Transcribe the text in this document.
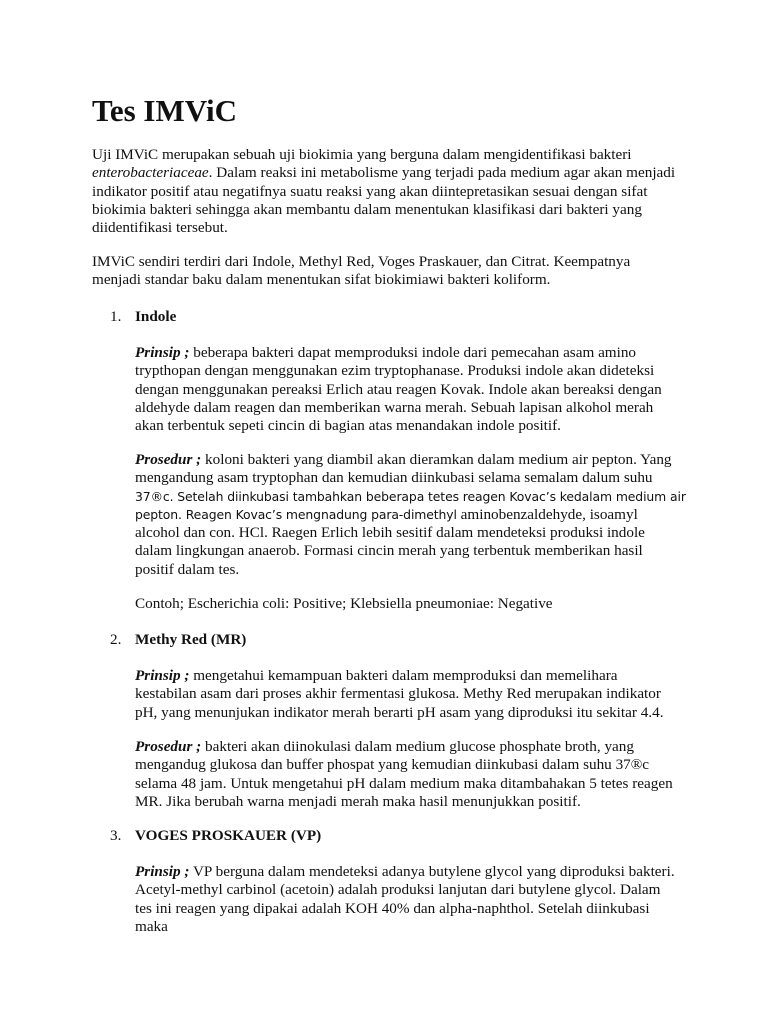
Tes IMViC

Uji IMViC merupakan sebuah uji biokimia yang berguna dalam mengidentifikasi bakteri enterobacteriaceae. Dalam reaksi ini metabolisme yang terjadi pada medium agar akan menjadi indikator positif atau negatifnya suatu reaksi yang akan diintepretasikan sesuai dengan sifat biokimia bakteri sehingga akan membantu dalam menentukan klasifikasi dari bakteri yang diidentifikasi tersebut.

IMViC sendiri terdiri dari Indole, Methyl Red, Voges Praskauer, dan Citrat. Keempatnya menjadi standar baku dalam menentukan sifat biokimiawi bakteri koliform.

1. Indole

Prinsip ; beberapa bakteri dapat memproduksi indole dari pemecahan asam amino trypthopan dengan menggunakan ezim tryptophanase. Produksi indole akan dideteksi dengan menggunakan pereaksi Erlich atau reagen Kovak. Indole akan bereaksi dengan aldehyde dalam reagen dan memberikan warna merah. Sebuah lapisan alkohol merah akan terbentuk sepeti cincin di bagian atas menandakan indole positif.

Prosedur ; koloni bakteri yang diambil akan dieramkan dalam medium air pepton. Yang mengandung asam tryptophan dan kemudian diinkubasi selama semalam dalum suhu 37®c. Setelah diinkubasi tambahkan beberapa tetes reagen Kovac’s kedalam medium air pepton. Reagen Kovac’s mengnadung para-dimethyl aminobenzaldehyde, isoamyl alcohol dan con. HCl. Raegen Erlich lebih sesitif dalam mendeteksi produksi indole dalam lingkungan anaerob. Formasi cincin merah yang terbentuk memberikan hasil positif dalam tes.

Contoh; Escherichia coli: Positive; Klebsiella pneumoniae: Negative

2. Methy Red (MR)

Prinsip ; mengetahui kemampuan bakteri dalam memproduksi dan memelihara kestabilan asam dari proses akhir fermentasi glukosa. Methy Red merupakan indikator pH, yang menunjukan indikator merah berarti pH asam yang diproduksi itu sekitar 4.4.

Prosedur ; bakteri akan diinokulasi dalam medium glucose phosphate broth, yang mengandug glukosa dan buffer phospat yang kemudian diinkubasi dalam suhu 37®c selama 48 jam. Untuk mengetahui pH dalam medium maka ditambahakan 5 tetes reagen MR. Jika berubah warna menjadi merah maka hasil menunjukkan positif.

3. VOGES PROSKAUER (VP)

Prinsip ; VP berguna dalam mendeteksi adanya butylene glycol yang diproduksi bakteri. Acetyl-methyl carbinol (acetoin) adalah produksi lanjutan dari butylene glycol. Dalam tes ini reagen yang dipakai adalah KOH 40% dan alpha-naphthol. Setelah diinkubasi maka
